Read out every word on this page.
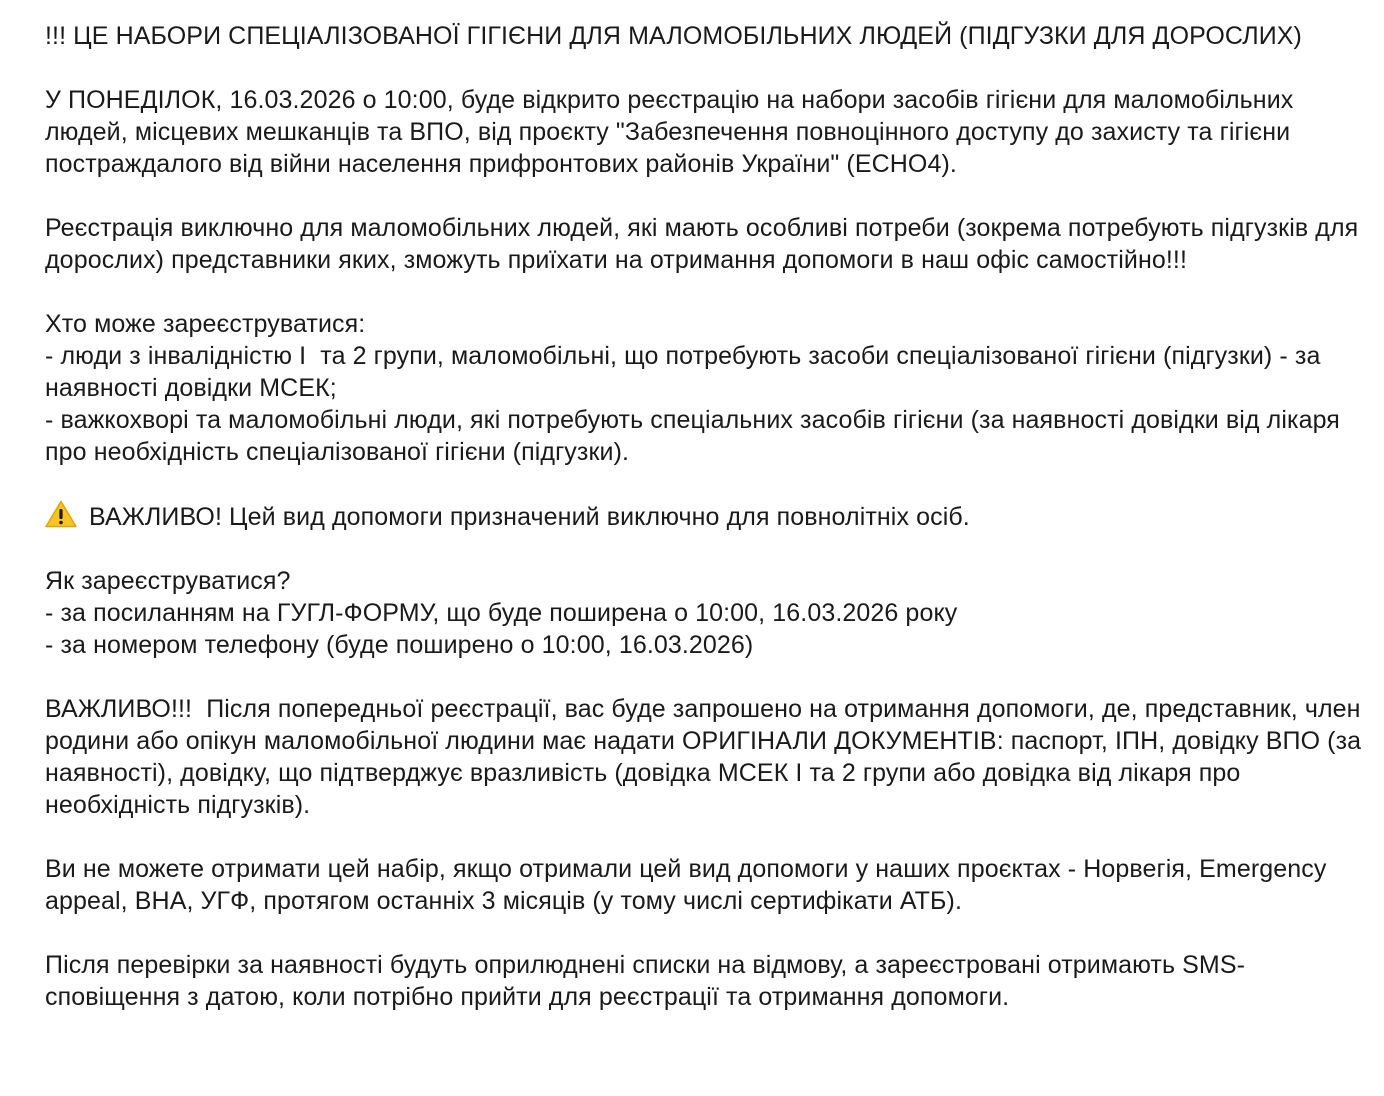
!!! ЦЕ НАБОРИ СПЕЦІАЛІЗОВАНОЇ ГІГІЄНИ ДЛЯ МАЛОМОБІЛЬНИХ ЛЮДЕЙ (ПІДГУЗКИ ДЛЯ ДОРОСЛИХ)

У ПОНЕДІЛОК, 16.03.2026 о 10:00, буде відкрито реєстрацію на набори засобів гігієни для маломобільних людей, місцевих мешканців та ВПО, від проєкту "Забезпечення повноцінного доступу до захисту та гігієни постраждалого від війни населення прифронтових районів України" (ECHO4).

Реєстрація виключно для маломобільних людей, які мають особливі потреби (зокрема потребують підгузків для дорослих) представники яких, зможуть приїхати на отримання допомоги в наш офіс самостійно!!!

Хто може зареєструватися:
- люди з інвалідністю І  та 2 групи, маломобільні, що потребують засоби спеціалізованої гігієни (підгузки) - за наявності довідки МСЕК;
- важкохворі та маломобільні люди, які потребують спеціальних засобів гігієни (за наявності довідки від лікаря про необхідність спеціалізованої гігієни (підгузки).

ВАЖЛИВО! Цей вид допомоги призначений виключно для повнолітніх осіб.

Як зареєструватися?
- за посиланням на ГУГЛ-ФОРМУ, що буде поширена о 10:00, 16.03.2026 року
- за номером телефону (буде поширено о 10:00, 16.03.2026)

ВАЖЛИВО!!!  Після попередньої реєстрації, вас буде запрошено на отримання допомоги, де, представник, член родини або опікун маломобільної людини має надати ОРИГІНАЛИ ДОКУМЕНТІВ: паспорт, ІПН, довідку ВПО (за наявності), довідку, що підтверджує вразливість (довідка МСЕК І та 2 групи або довідка від лікаря про необхідність підгузків).

Ви не можете отримати цей набір, якщо отримали цей вид допомоги у наших проєктах - Норвегія, Emergency appeal, BHA, УГФ, протягом останніх 3 місяців (у тому числі сертифікати АТБ).

Після перевірки за наявності будуть оприлюднені списки на відмову, а зареєстровані отримають SMS-сповіщення з датою, коли потрібно прийти для реєстрації та отримання допомоги.
